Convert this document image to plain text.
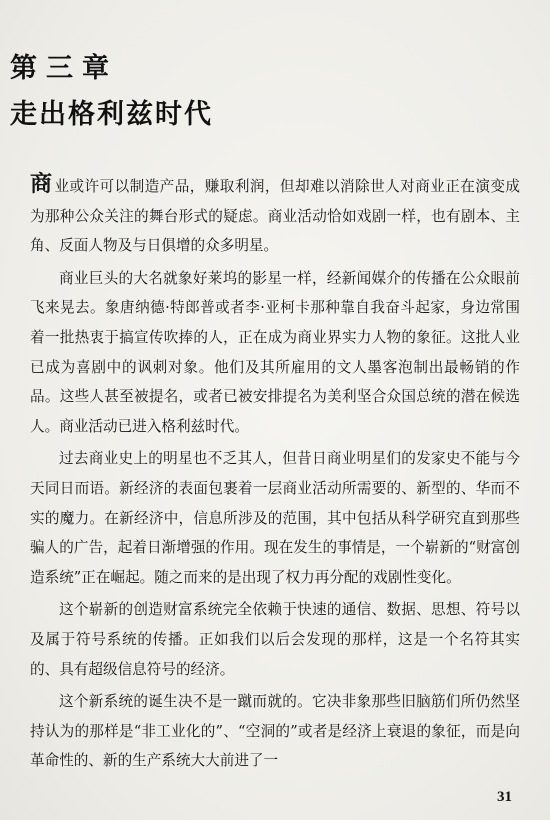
第三章
走出格利兹时代

商业或许可以制造产品，赚取利润，但却难以消除世人对商业正在演变成为那种公众关注的舞台形式的疑虑。商业活动恰如戏剧一样，也有剧本、主角、反面人物及与日俱增的众多明星。

商业巨头的大名就象好莱坞的影星一样，经新闻媒介的传播在公众眼前飞来晃去。象唐纳德·特郎普或者李·亚柯卡那种靠自我奋斗起家，身边常围着一批热衷于搞宣传吹捧的人，正在成为商业界实力人物的象征。这批人业已成为喜剧中的讽刺对象。他们及其所雇用的文人墨客泡制出最畅销的作品。这些人甚至被提名，或者已被安排提名为美利坚合众国总统的潜在候选人。商业活动已进入格利兹时代。

过去商业史上的明星也不乏其人，但昔日商业明星们的发家史不能与今天同日而语。新经济的表面包裹着一层商业活动所需要的、新型的、华而不实的魔力。在新经济中，信息所涉及的范围，其中包括从科学研究直到那些骗人的广告，起着日渐增强的作用。现在发生的事情是，一个崭新的“财富创造系统”正在崛起。随之而来的是出现了权力再分配的戏剧性变化。

这个崭新的创造财富系统完全依赖于快速的通信、数据、思想、符号以及属于符号系统的传播。正如我们以后会发现的那样，这是一个名符其实的、具有超级信息符号的经济。

这个新系统的诞生决不是一蹴而就的。它决非象那些旧脑筋们所仍然坚持认为的那样是“非工业化的”、“空洞的”或者是经济上衰退的象征，而是向革命性的、新的生产系统大大前进了一

31
